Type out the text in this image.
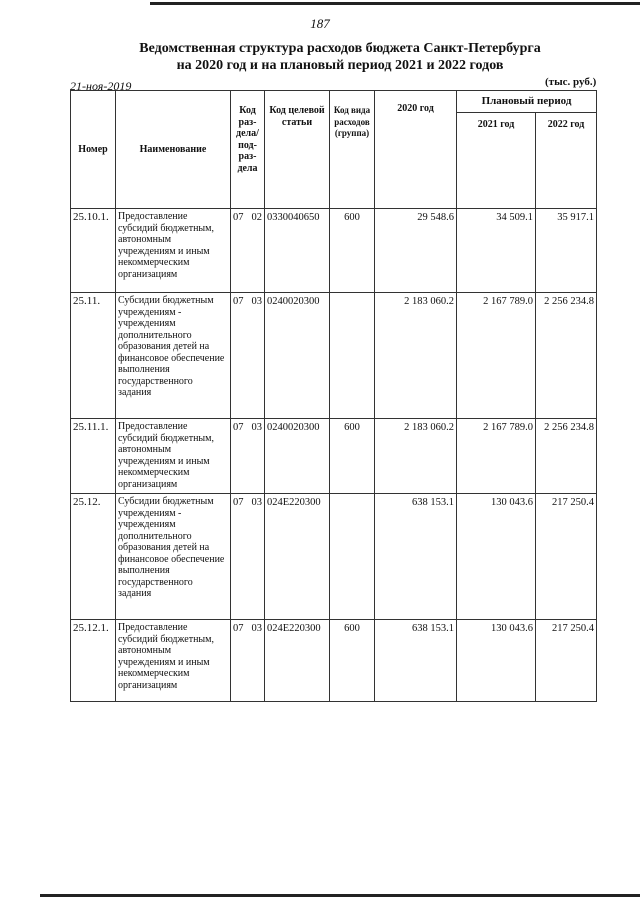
187
Ведомственная структура расходов бюджета Санкт-Петербурга
на 2020 год и на плановый период 2021 и 2022 годов
21-ноя-2019	(тыс. руб.)
Номер	Наименование	Код раз-дела/ под-раз-дела	Код целевой статьи	Код вида расходов (группа)	2020 год	Плановый период	
						2021 год	2022 год
25.10.1.	Предоставление субсидий бюджетным, автономным учреждениям и иным некоммерческим организациям	07 02	0330040650	600	29 548.6	34 509.1	35 917.1
25.11.	Субсидии бюджетным учреждениям - учреждениям дополнительного образования детей на финансовое обеспечение выполнения государственного задания	07 03	0240020300		2 183 060.2	2 167 789.0	2 256 234.8
25.11.1.	Предоставление субсидий бюджетным, автономным учреждениям и иным некоммерческим организациям	07 03	0240020300	600	2 183 060.2	2 167 789.0	2 256 234.8
25.12.	Субсидии бюджетным учреждениям - учреждениям дополнительного образования детей на финансовое обеспечение выполнения государственного задания	07 03	024E220300		638 153.1	130 043.6	217 250.4
25.12.1.	Предоставление субсидий бюджетным, автономным учреждениям и иным некоммерческим организациям	07 03	024E220300	600	638 153.1	130 043.6	217 250.4
